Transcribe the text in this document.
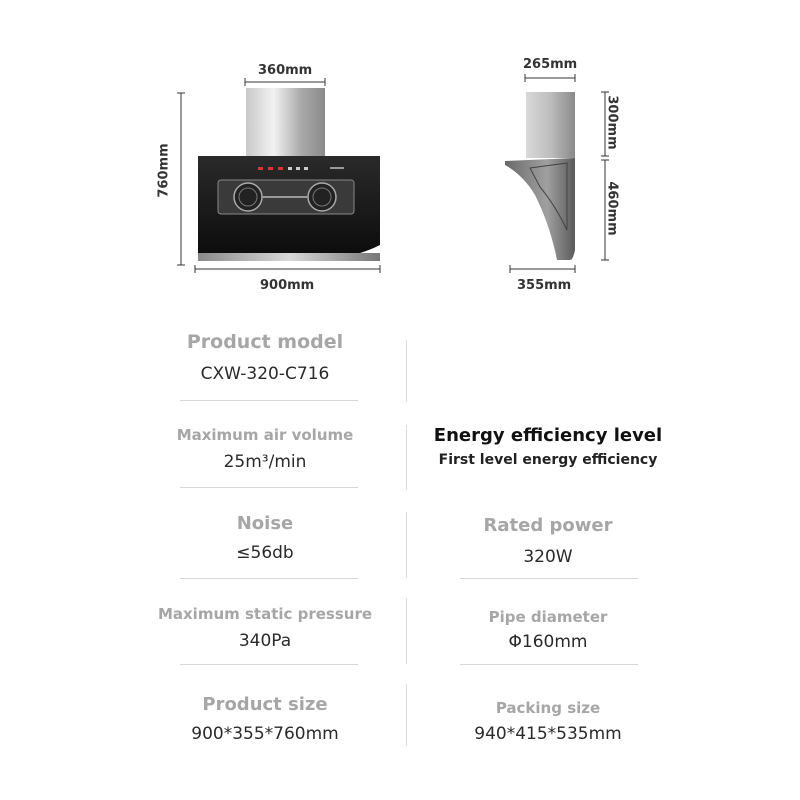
360mm
760mm
900mm
265mm
300mm
460mm
355mm
Product model
CXW-320-C716
Maximum air volume
25m³/min
Energy efficiency level
First level energy efficiency
Noise
≤56db
Rated power
320W
Maximum static pressure
340Pa
Pipe diameter
Φ160mm
Product size
900*355*760mm
Packing size
940*415*535mm
